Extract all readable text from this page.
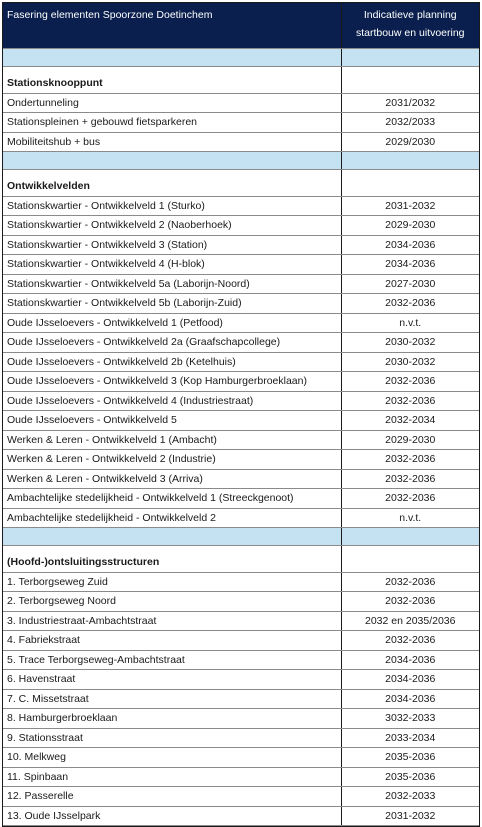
Fasering elementen Spoorzone Doetinchem	Indicatieve planning
startbouw en uitvoering

Stationsknooppunt	
Ondertunneling	2031/2032
Stationspleinen + gebouwd fietsparkeren	2032/2033
Mobiliteitshub + bus	2029/2030

Ontwikkelvelden	
Stationskwartier - Ontwikkelveld 1 (Sturko)	2031-2032
Stationskwartier - Ontwikkelveld 2 (Naoberhoek)	2029-2030
Stationskwartier - Ontwikkelveld 3 (Station)	2034-2036
Stationskwartier - Ontwikkelveld 4 (H-blok)	2034-2036
Stationskwartier - Ontwikkelveld 5a (Laborijn-Noord)	2027-2030
Stationskwartier - Ontwikkelveld 5b (Laborijn-Zuid)	2032-2036
Oude IJsseloevers - Ontwikkelveld 1 (Petfood)	n.v.t.
Oude IJsseloevers - Ontwikkelveld 2a (Graafschapcollege)	2030-2032
Oude IJsseloevers - Ontwikkelveld 2b (Ketelhuis)	2030-2032
Oude IJsseloevers - Ontwikkelveld 3 (Kop Hamburgerbroeklaan)	2032-2036
Oude IJsseloevers - Ontwikkelveld 4 (Industriestraat)	2032-2036
Oude IJsseloevers - Ontwikkelveld 5	2032-2034
Werken & Leren - Ontwikkelveld 1 (Ambacht)	2029-2030
Werken & Leren - Ontwikkelveld 2 (Industrie)	2032-2036
Werken & Leren - Ontwikkelveld 3 (Arriva)	2032-2036
Ambachtelijke stedelijkheid - Ontwikkelveld 1 (Streeckgenoot)	2032-2036
Ambachtelijke stedelijkheid - Ontwikkelveld 2	n.v.t.

(Hoofd-)ontsluitingsstructuren	
1. Terborgseweg Zuid	2032-2036
2. Terborgseweg Noord	2032-2036
3. Industriestraat-Ambachtstraat	2032 en 2035/2036
4. Fabriekstraat	2032-2036
5. Trace Terborgseweg-Ambachtstraat	2034-2036
6. Havenstraat	2034-2036
7. C. Missetstraat	2034-2036
8. Hamburgerbroeklaan	3032-2033
9. Stationsstraat	2033-2034
10. Melkweg	2035-2036
11. Spinbaan	2035-2036
12. Passerelle	2032-2033
13. Oude IJsselpark	2031-2032
